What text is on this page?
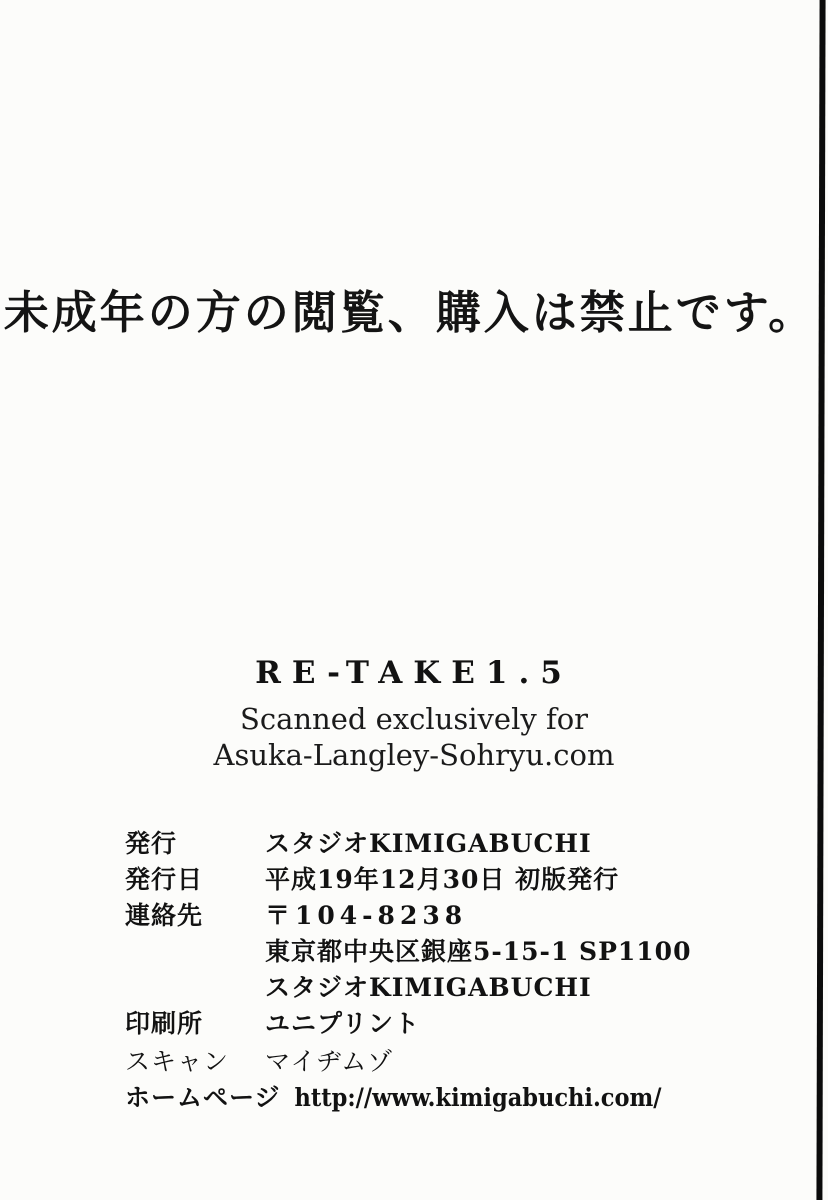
未成年の方の閲覧、購入は禁止です。
RE-TAKE1.5
Scanned exclusively for
Asuka-Langley-Sohryu.com
発行	スタジオKIMIGABUCHI
発行日	平成19年12月30日 初版発行
連絡先	〒104-8238
東京都中央区銀座5-15-1 SP1100
スタジオKIMIGABUCHI
印刷所	ユニプリント
スキャン	マイヂムゾ
ホームページ http://www.kimigabuchi.com/
